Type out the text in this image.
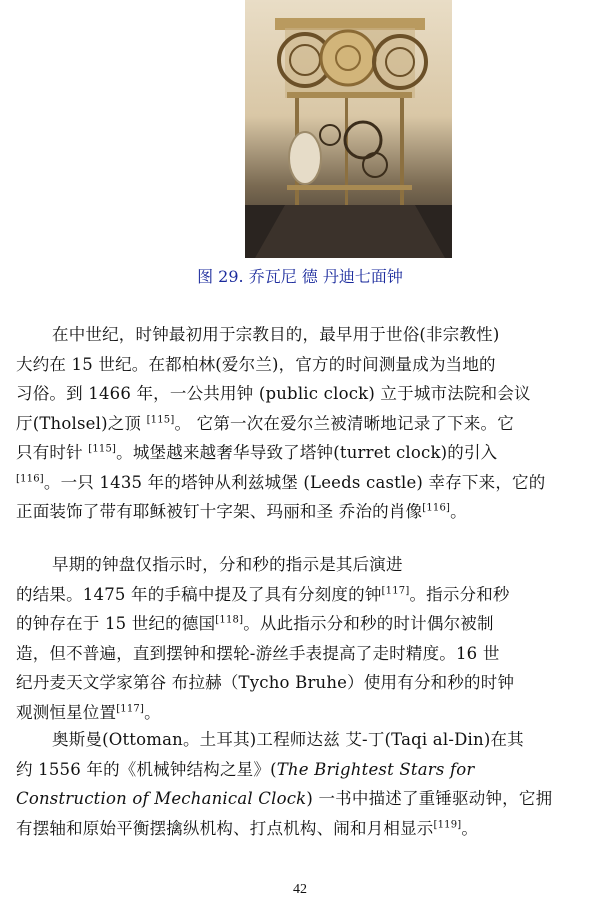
图 29. 乔瓦尼 德 丹迪七面钟
在中世纪，时钟最初用于宗教目的，最早用于世俗(非宗教性)
大约在 15 世纪。在都柏林(爱尔兰)，官方的时间测量成为当地的
习俗。到 1466 年，一公共用钟 (public clock) 立于城市法院和会议
厅(Tholsel)之顶 [115]。 它第一次在爱尔兰被清晰地记录了下来。它
只有时针 [115]。城堡越来越奢华导致了塔钟(turret clock)的引入
[116]。一只 1435 年的塔钟从利兹城堡 (Leeds castle) 幸存下来，它的
正面装饰了带有耶稣被钉十字架、玛丽和圣 乔治的肖像[116]。
早期的钟盘仅指示时，分和秒的指示是其后演进
的结果。1475 年的手稿中提及了具有分刻度的钟[117]。指示分和秒
的钟存在于 15 世纪的德国[118]。从此指示分和秒的时计偶尔被制
造，但不普遍，直到摆钟和摆轮-游丝手表提高了走时精度。16 世
纪丹麦天文学家第谷 布拉赫（Tycho Bruhe）使用有分和秒的时钟
观测恒星位置[117]。
奥斯曼(Ottoman。土耳其)工程师达兹 艾-丁(Taqi al-Din)在其
约 1556 年的《机械钟结构之星》(The Brightest Stars for
Construction of Mechanical Clock) 一书中描述了重锤驱动钟，它拥
有摆轴和原始平衡摆擒纵机构、打点机构、闹和月相显示[119]。
42
